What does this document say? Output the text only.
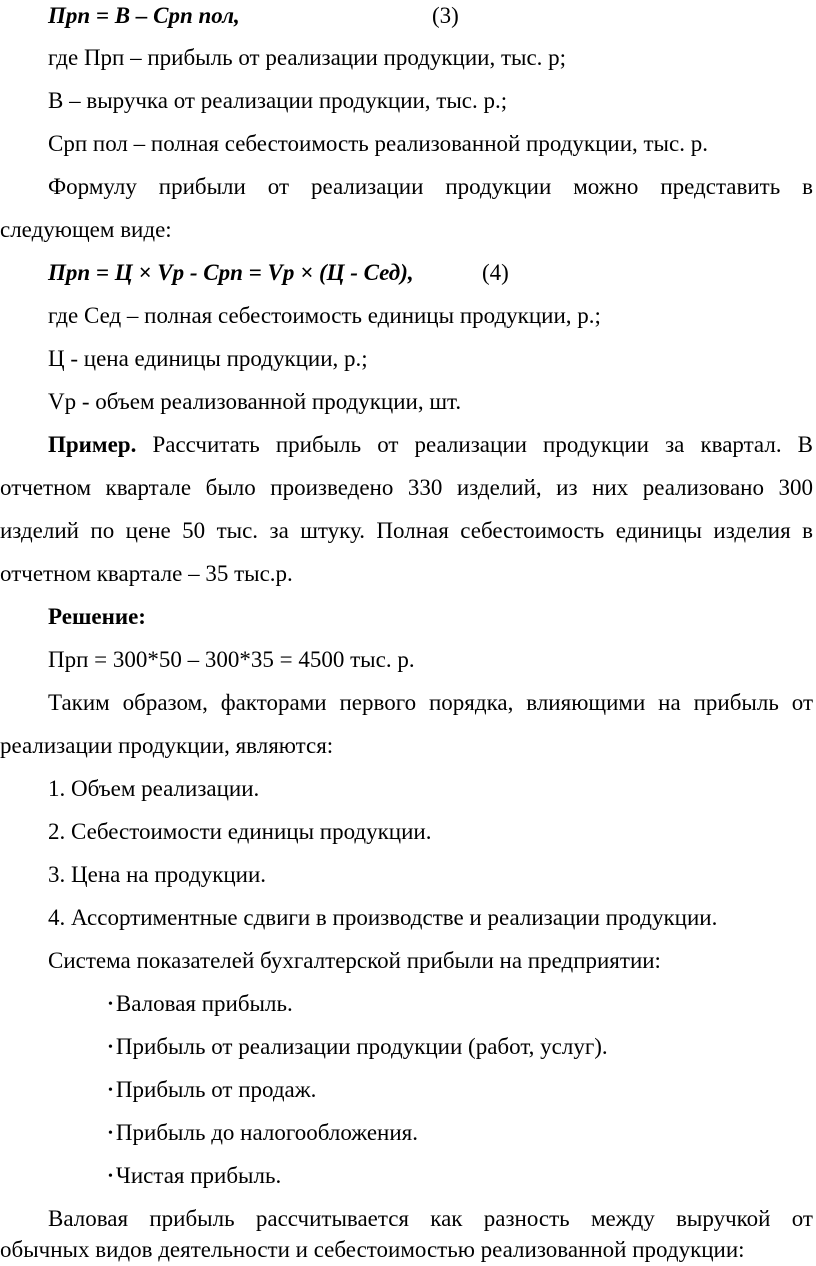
Прп = В – Срп пол,	(3)
где Прп – прибыль от реализации продукции, тыс. р;
В – выручка от реализации продукции, тыс. р.;
Срп пол – полная себестоимость реализованной продукции, тыс. р.
Формулу прибыли от реализации продукции можно представить в
следующем виде:
Прп = Ц × Vр - Срп = Vр × (Ц - Сед),	(4)
где Сед – полная себестоимость единицы продукции, р.;
Ц - цена единицы продукции, р.;
Vр - объем реализованной продукции, шт.
Пример. Рассчитать прибыль от реализации продукции за квартал. В
отчетном квартале было произведено 330 изделий, из них реализовано 300
изделий по цене 50 тыс. за штуку. Полная себестоимость единицы изделия в
отчетном квартале – 35 тыс.р.
Решение:
Прп = 300*50 – 300*35 = 4500 тыс. р.
Таким образом, факторами первого порядка, влияющими на прибыль от
реализации продукции, являются:
1. Объем реализации.
2. Себестоимости единицы продукции.
3. Цена на продукции.
4. Ассортиментные сдвиги в производстве и реализации продукции.
Система показателей бухгалтерской прибыли на предприятии:
• Валовая прибыль.
• Прибыль от реализации продукции (работ, услуг).
• Прибыль от продаж.
• Прибыль до налогообложения.
• Чистая прибыль.
Валовая прибыль рассчитывается как разность между выручкой от
обычных видов деятельности и себестоимостью реализованной продукции:
